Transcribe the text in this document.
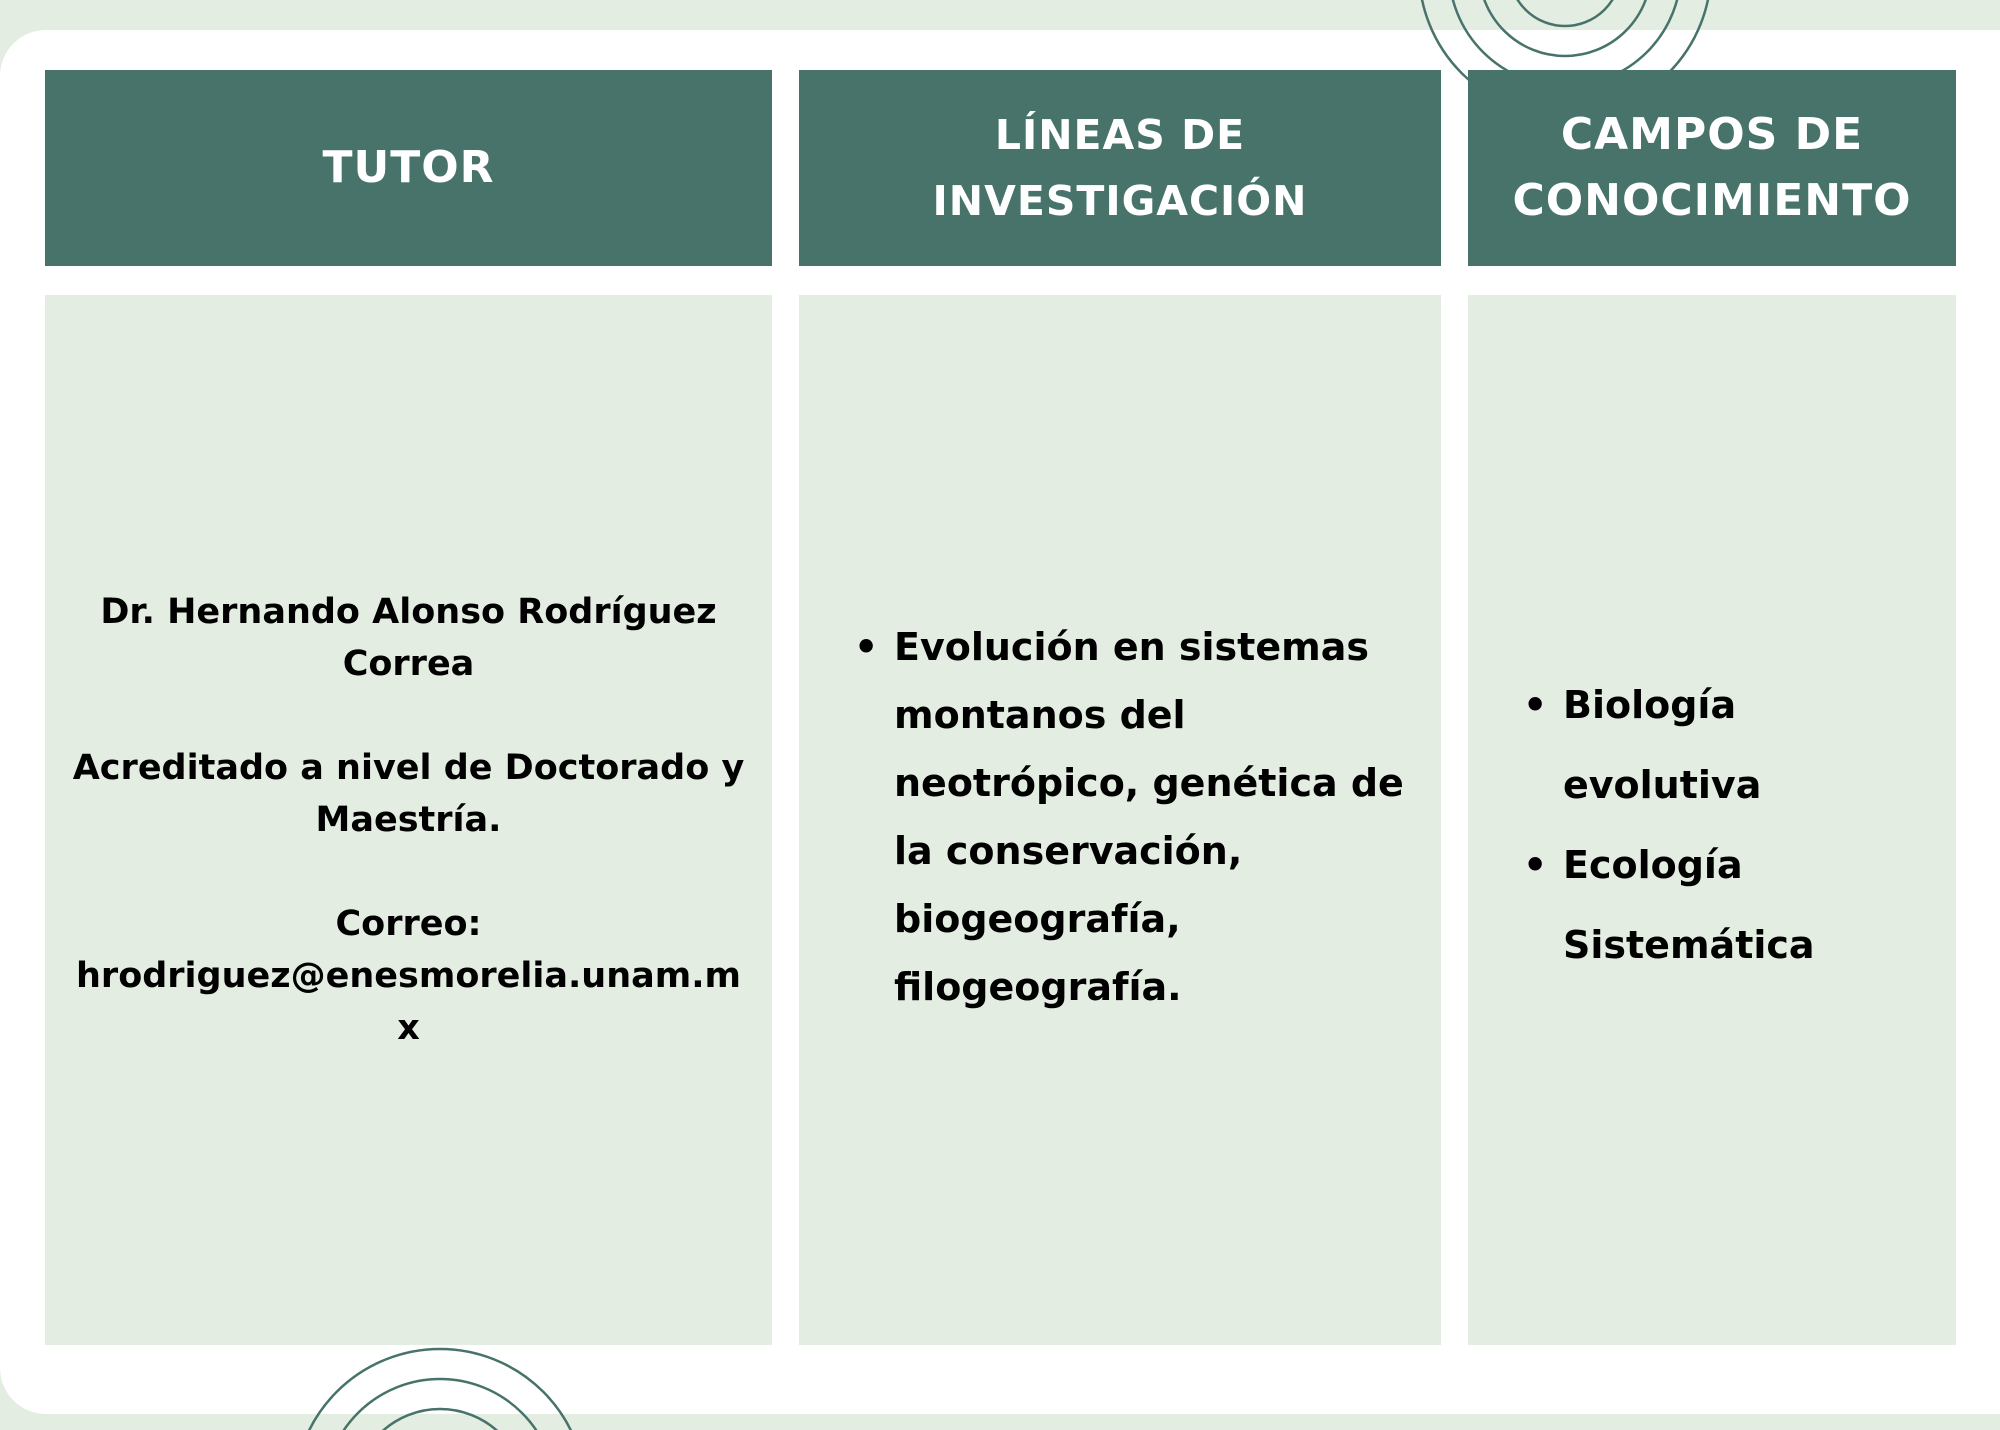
TUTOR
LÍNEAS DE INVESTIGACIÓN
CAMPOS DE CONOCIMIENTO

Dr. Hernando Alonso Rodríguez Correa

Acreditado a nivel de Doctorado y Maestría.

Correo:
hrodriguez@enesmorelia.unam.mx

• Evolución en sistemas montanos del neotrópico, genética de la conservación, biogeografía, filogeografía.
• Biología evolutiva
• Ecología Sistemática
